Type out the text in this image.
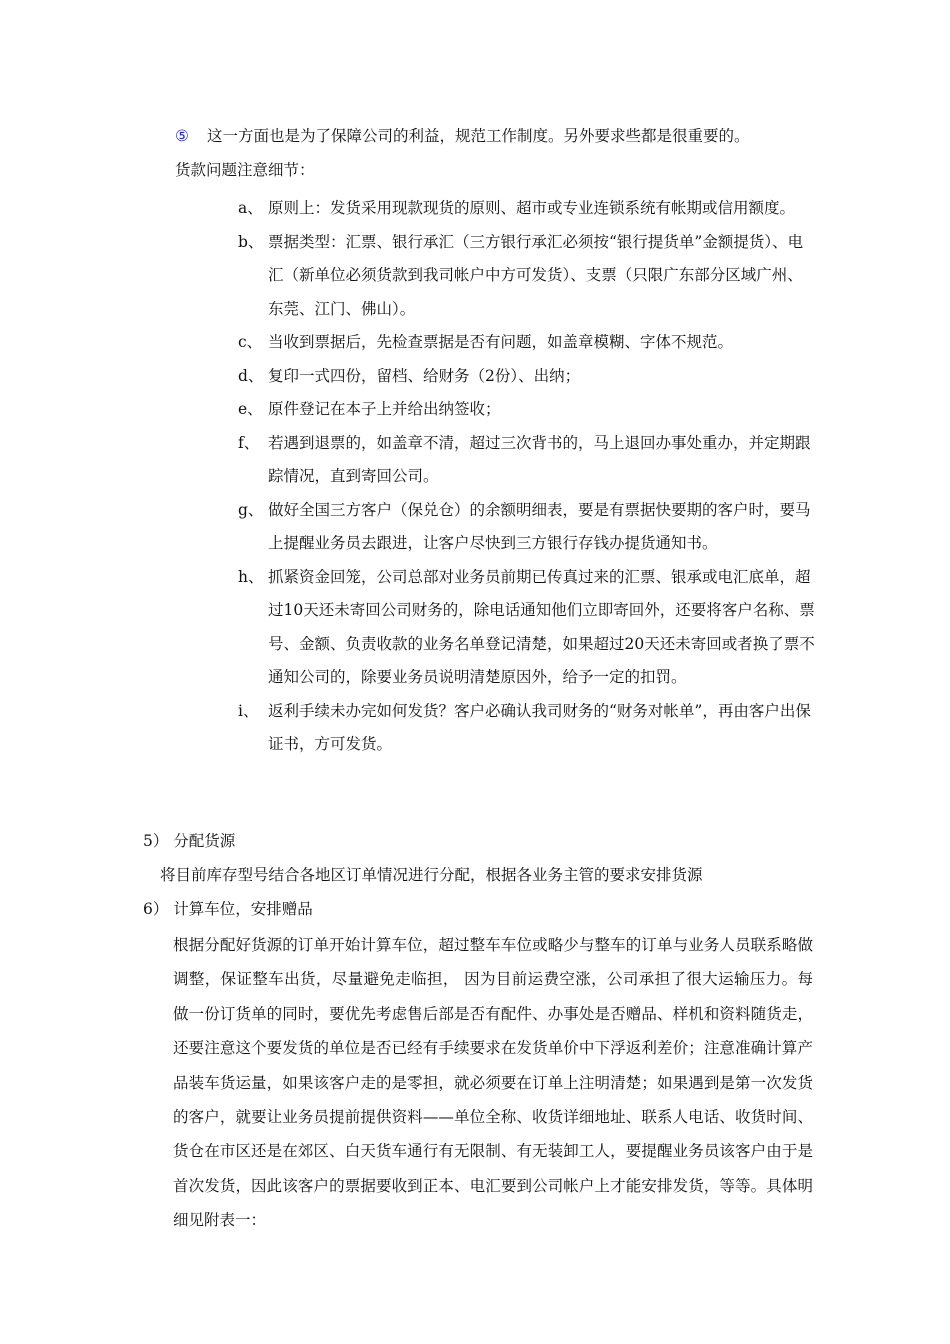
⑤ 这一方面也是为了保障公司的利益，规范工作制度。另外要求些都是很重要的。
货款问题注意细节：
a、 原则上：发货采用现款现货的原则、超市或专业连锁系统有帐期或信用额度。
b、 票据类型：汇票、银行承汇（三方银行承汇必须按“银行提货单”金额提货）、电汇（新单位必须货款到我司帐户中方可发货）、支票（只限广东部分区域广州、东莞、江门、佛山）。
c、 当收到票据后，先检查票据是否有问题，如盖章模糊、字体不规范。
d、 复印一式四份，留档、给财务（2份）、出纳；
e、 原件登记在本子上并给出纳签收；
f、 若遇到退票的，如盖章不清，超过三次背书的，马上退回办事处重办，并定期跟踪情况，直到寄回公司。
g、 做好全国三方客户（保兑仓）的余额明细表，要是有票据快要期的客户时，要马上提醒业务员去跟进，让客户尽快到三方银行存钱办提货通知书。
h、 抓紧资金回笼，公司总部对业务员前期已传真过来的汇票、银承或电汇底单，超过10天还未寄回公司财务的，除电话通知他们立即寄回外，还要将客户名称、票号、金额、负责收款的业务名单登记清楚，如果超过20天还未寄回或者换了票不通知公司的，除要业务员说明清楚原因外，给予一定的扣罚。
i、 返利手续未办完如何发货？客户必确认我司财务的“财务对帐单”，再由客户出保证书，方可发货。
5） 分配货源
将目前库存型号结合各地区订单情况进行分配，根据各业务主管的要求安排货源
6） 计算车位，安排赠品
根据分配好货源的订单开始计算车位，超过整车车位或略少与整车的订单与业务人员联系略做调整，保证整车出货，尽量避免走临担， 因为目前运费空涨，公司承担了很大运输压力。每做一份订货单的同时，要优先考虑售后部是否有配件、办事处是否赠品、样机和资料随货走，还要注意这个要发货的单位是否已经有手续要求在发货单价中下浮返利差价；注意准确计算产品装车货运量，如果该客户走的是零担，就必须要在订单上注明清楚；如果遇到是第一次发货的客户，就要让业务员提前提供资料——单位全称、收货详细地址、联系人电话、收货时间、货仓在市区还是在郊区、白天货车通行有无限制、有无装卸工人，要提醒业务员该客户由于是首次发货，因此该客户的票据要收到正本、电汇要到公司帐户上才能安排发货，等等。具体明细见附表一：
